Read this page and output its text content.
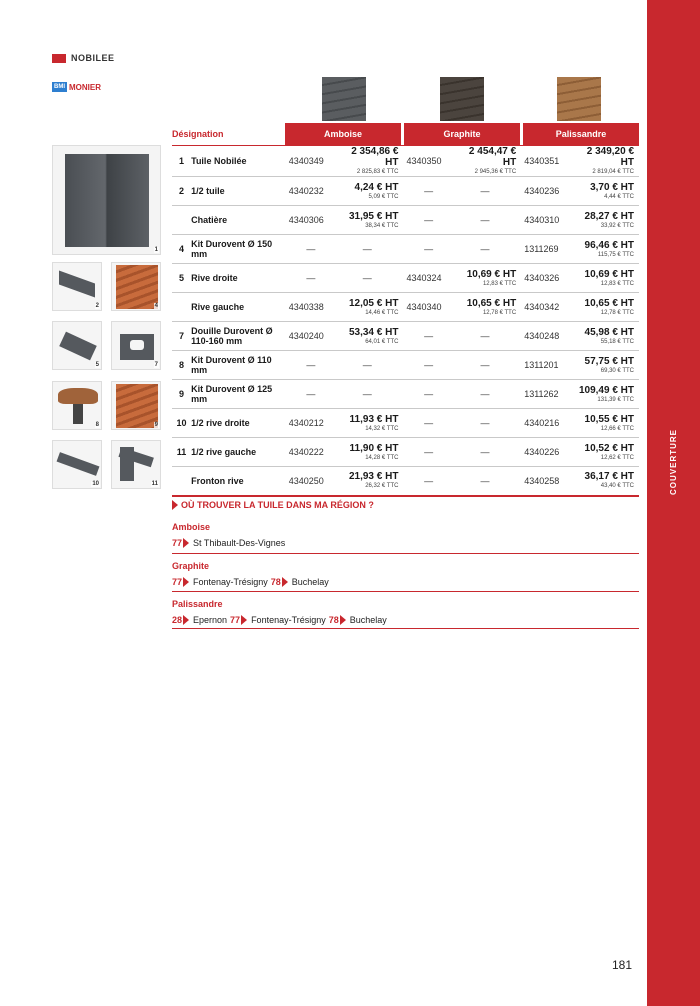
COUVERTURE
NOBILEE
BMI MONIER
1
2	4
5	7
8	9
10	11
Désignation	Amboise	Graphite	Palissandre
1	Tuile Nobilée	4340349	2 354,86 € HT
2 825,83 € TTC	4340350	2 454,47 € HT
2 945,36 € TTC	4340351	2 349,20 € HT
2 819,04 € TTC

2	1/2 tuile	4340232	4,24 € HT
5,09 € TTC	—	—	4340236	3,70 € HT
4,44 € TTC

	Chatière	4340306	31,95 € HT
38,34 € TTC	—	—	4340310	28,27 € HT
33,92 € TTC

4	Kit Durovent Ø 150 mm	—	—	—	—	1311269	96,46 € HT
115,75 € TTC

5	Rive droite	—	—	4340324	10,69 € HT
12,83 € TTC	4340326	10,69 € HT
12,83 € TTC

	Rive gauche	4340338	12,05 € HT
14,46 € TTC	4340340	10,65 € HT
12,78 € TTC	4340342	10,65 € HT
12,78 € TTC

7	Douille Durovent Ø 110-160 mm	4340240	53,34 € HT
64,01 € TTC	—	—	4340248	45,98 € HT
55,18 € TTC

8	Kit Durovent Ø 110 mm	—	—	—	—	1311201	57,75 € HT
69,30 € TTC

9	Kit Durovent Ø 125 mm	—	—	—	—	1311262	109,49 € HT
131,39 € TTC

10	1/2 rive droite	4340212	11,93 € HT
14,32 € TTC	—	—	4340216	10,55 € HT
12,66 € TTC

11	1/2 rive gauche	4340222	11,90 € HT
14,28 € TTC	—	—	4340226	10,52 € HT
12,62 € TTC

	Fronton rive	4340250	21,93 € HT
26,32 € TTC	—	—	4340258	36,17 € HT
43,40 € TTC
OÙ TROUVER LA TUILE DANS MA RÉGION ?
Amboise
77 St Thibault-Des-Vignes
Graphite
77 Fontenay-Trésigny 78 Buchelay
Palissandre
28 Epernon 77 Fontenay-Trésigny 78 Buchelay
181
